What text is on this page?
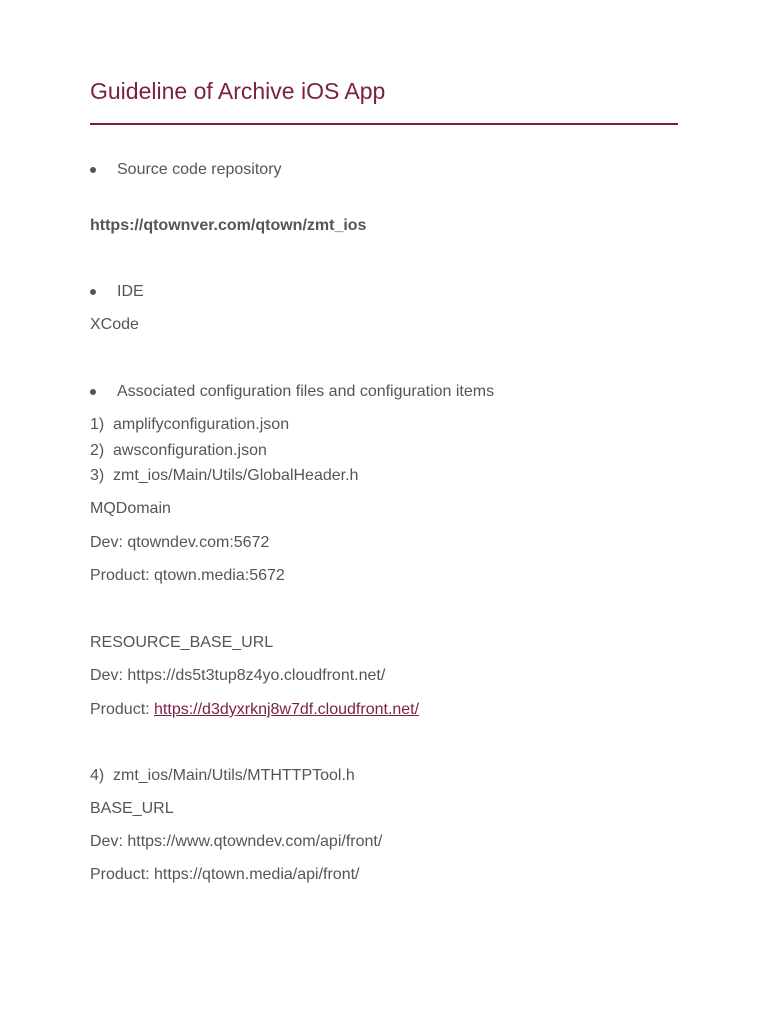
Guideline of Archive iOS App
Source code repository
https://qtownver.com/qtown/zmt_ios
IDE
XCode
Associated configuration files and configuration items
1) amplifyconfiguration.json
2) awsconfiguration.json
3) zmt_ios/Main/Utils/GlobalHeader.h
MQDomain
Dev: qtowndev.com:5672
Product: qtown.media:5672
RESOURCE_BASE_URL
Dev: https://ds5t3tup8z4yo.cloudfront.net/
Product: https://d3dyxrknj8w7df.cloudfront.net/
4) zmt_ios/Main/Utils/MTHTTPTool.h
BASE_URL
Dev: https://www.qtowndev.com/api/front/
Product: https://qtown.media/api/front/
